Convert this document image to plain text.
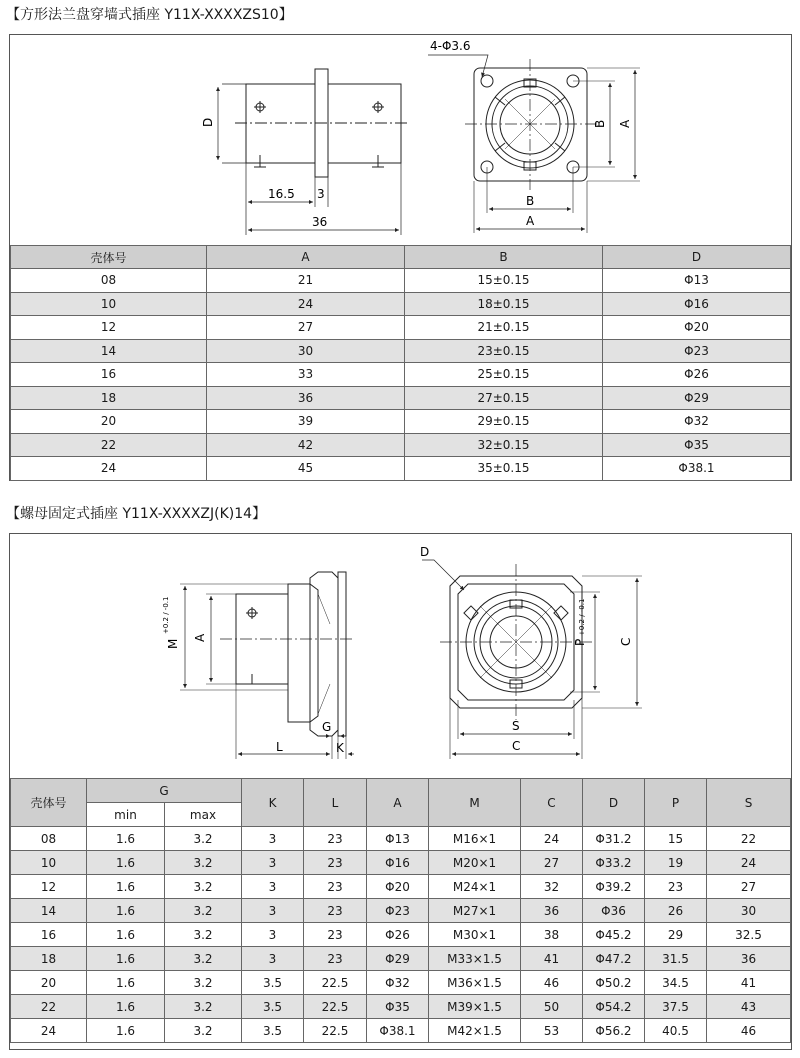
【方形法兰盘穿墙式插座 Y11X-XXXXZS10】
D
16.5 3
36
4-Φ3.6
B A
B
A
壳体号	A	B	D
08	21	15±0.15	Φ13
10	24	18±0.15	Φ16
12	27	21±0.15	Φ20
14	30	23±0.15	Φ23
16	33	25±0.15	Φ26
18	36	27±0.15	Φ29
20	39	29±0.15	Φ32
22	42	32±0.15	Φ35
24	45	35±0.15	Φ38.1
【螺母固定式插座 Y11X-XXXXZJ(K)14】
M
A
G
L	K
D
P	C
S
C
+0.2 / -0.1	+0.2 / -0.1
壳体号	G		K	L	A	M	C	D	P	S
	min	max								
08	1.6	3.2	3	23	Φ13	M16×1	24	Φ31.2	15	22
10	1.6	3.2	3	23	Φ16	M20×1	27	Φ33.2	19	24
12	1.6	3.2	3	23	Φ20	M24×1	32	Φ39.2	23	27
14	1.6	3.2	3	23	Φ23	M27×1	36	Φ36	26	30
16	1.6	3.2	3	23	Φ26	M30×1	38	Φ45.2	29	32.5
18	1.6	3.2	3	23	Φ29	M33×1.5	41	Φ47.2	31.5	36
20	1.6	3.2	3.5	22.5	Φ32	M36×1.5	46	Φ50.2	34.5	41
22	1.6	3.2	3.5	22.5	Φ35	M39×1.5	50	Φ54.2	37.5	43
24	1.6	3.2	3.5	22.5	Φ38.1	M42×1.5	53	Φ56.2	40.5	46
